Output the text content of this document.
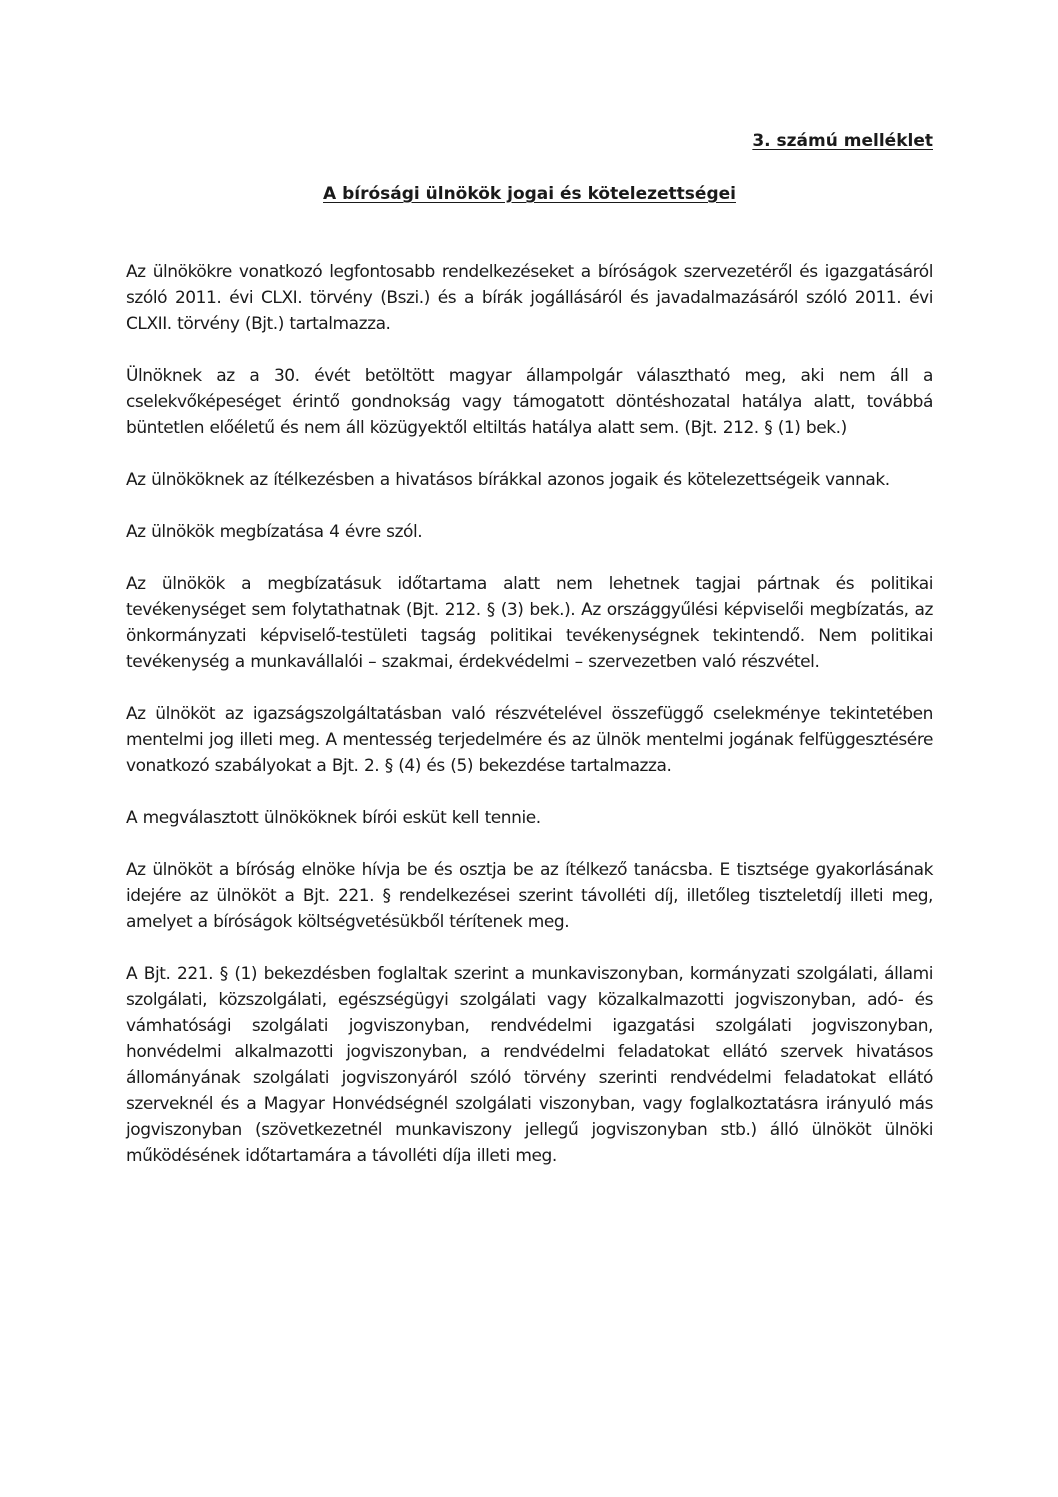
3. számú melléklet
A bírósági ülnökök jogai és kötelezettségei

Az ülnökökre vonatkozó legfontosabb rendelkezéseket a bíróságok szervezetéről és igazgatásáról szóló 2011. évi CLXI. törvény (Bszi.) és a bírák jogállásáról és javadalmazásáról szóló 2011. évi CLXII. törvény (Bjt.) tartalmazza.

Ülnöknek az a 30. évét betöltött magyar állampolgár választható meg, aki nem áll a cselekvőképeséget érintő gondnokság vagy támogatott döntéshozatal hatálya alatt, továbbá büntetlen előéletű és nem áll közügyektől eltiltás hatálya alatt sem. (Bjt. 212. § (1) bek.)

Az ülnököknek az ítélkezésben a hivatásos bírákkal azonos jogaik és kötelezettségeik vannak.

Az ülnökök megbízatása 4 évre szól.

Az ülnökök a megbízatásuk időtartama alatt nem lehetnek tagjai pártnak és politikai tevékenységet sem folytathatnak (Bjt. 212. § (3) bek.). Az országgyűlési képviselői megbízatás, az önkormányzati képviselő-testületi tagság politikai tevékenységnek tekintendő. Nem politikai tevékenység a munkavállalói – szakmai, érdekvédelmi – szervezetben való részvétel.

Az ülnököt az igazságszolgáltatásban való részvételével összefüggő cselekménye tekintetében mentelmi jog illeti meg. A mentesség terjedelmére és az ülnök mentelmi jogának felfüggesztésére vonatkozó szabályokat a Bjt. 2. § (4) és (5) bekezdése tartalmazza.

A megválasztott ülnököknek bírói esküt kell tennie.

Az ülnököt a bíróság elnöke hívja be és osztja be az ítélkező tanácsba. E tisztsége gyakorlásának idejére az ülnököt a Bjt. 221. § rendelkezései szerint távolléti díj, illetőleg tiszteletdíj illeti meg, amelyet a bíróságok költségvetésükből térítenek meg.

A Bjt. 221. § (1) bekezdésben foglaltak szerint a munkaviszonyban, kormányzati szolgálati, állami szolgálati, közszolgálati, egészségügyi szolgálati vagy közalkalmazotti jogviszonyban, adó- és vámhatósági szolgálati jogviszonyban, rendvédelmi igazgatási szolgálati jogviszonyban, honvédelmi alkalmazotti jogviszonyban, a rendvédelmi feladatokat ellátó szervek hivatásos állományának szolgálati jogviszonyáról szóló törvény szerinti rendvédelmi feladatokat ellátó szerveknél és a Magyar Honvédségnél szolgálati viszonyban, vagy foglalkoztatásra irányuló más jogviszonyban (szövetkezetnél munkaviszony jellegű jogviszonyban stb.) álló ülnököt ülnöki működésének időtartamára a távolléti díja illeti meg.
